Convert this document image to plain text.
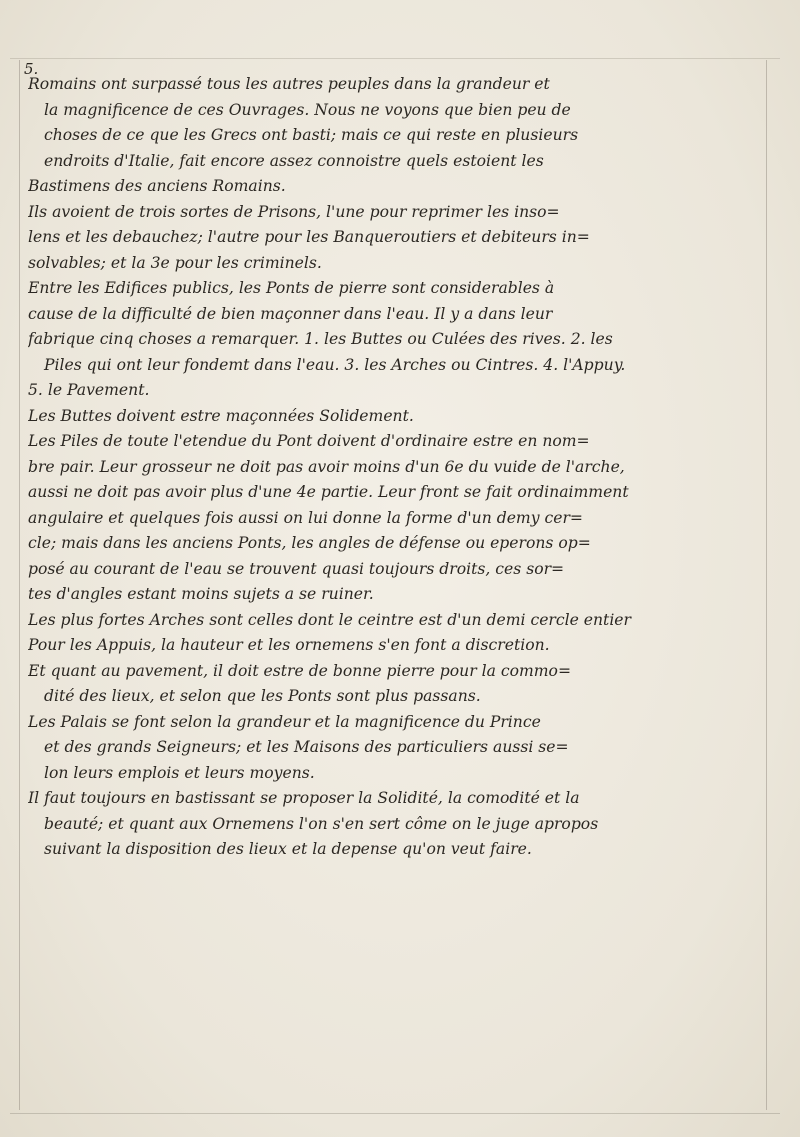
5.
Romains ont surpassé tous les autres peuples dans la grandeur et
la magnificence de ces Ouvrages. Nous ne voyons que bien peu de
choses de ce que les Grecs ont basti; mais ce qui reste en plusieurs
endroits d'Italie, fait encore assez connoistre quels estoient les
Bastimens des anciens Romains.
Ils avoient de trois sortes de Prisons, l'une pour reprimer les inso=
lens et les debauchez; l'autre pour les Banqueroutiers et debiteurs in=
solvables; et la 3e pour les criminels.
Entre les Edifices publics, les Ponts de pierre sont considerables à
cause de la difficulté de bien maçonner dans l'eau. Il y a dans leur
fabrique cinq choses a remarquer. 1. les Buttes ou Culées des rives. 2. les
Piles qui ont leur fondemt dans l'eau. 3. les Arches ou Cintres. 4. l'Appuy.
5. le Pavement.
Les Buttes doivent estre maçonnées Solidement.
Les Piles de toute l'etendue du Pont doivent d'ordinaire estre en nom=
bre pair. Leur grosseur ne doit pas avoir moins d'un 6e du vuide de l'arche,
aussi ne doit pas avoir plus d'une 4e partie. Leur front se fait ordinaimment
angulaire et quelques fois aussi on lui donne la forme d'un demy cer=
cle; mais dans les anciens Ponts, les angles de défense ou eperons op=
posé au courant de l'eau se trouvent quasi toujours droits, ces sor=
tes d'angles estant moins sujets a se ruiner.
Les plus fortes Arches sont celles dont le ceintre est d'un demi cercle entier
Pour les Appuis, la hauteur et les ornemens s'en font a discretion.
Et quant au pavement, il doit estre de bonne pierre pour la commo=
dité des lieux, et selon que les Ponts sont plus passans.
Les Palais se font selon la grandeur et la magnificence du Prince
et des grands Seigneurs; et les Maisons des particuliers aussi se=
lon leurs emplois et leurs moyens.
Il faut toujours en bastissant se proposer la Solidité, la comodité et la
beauté; et quant aux Ornemens l'on s'en sert côme on le juge apropos
suivant la disposition des lieux et la depense qu'on veut faire.
